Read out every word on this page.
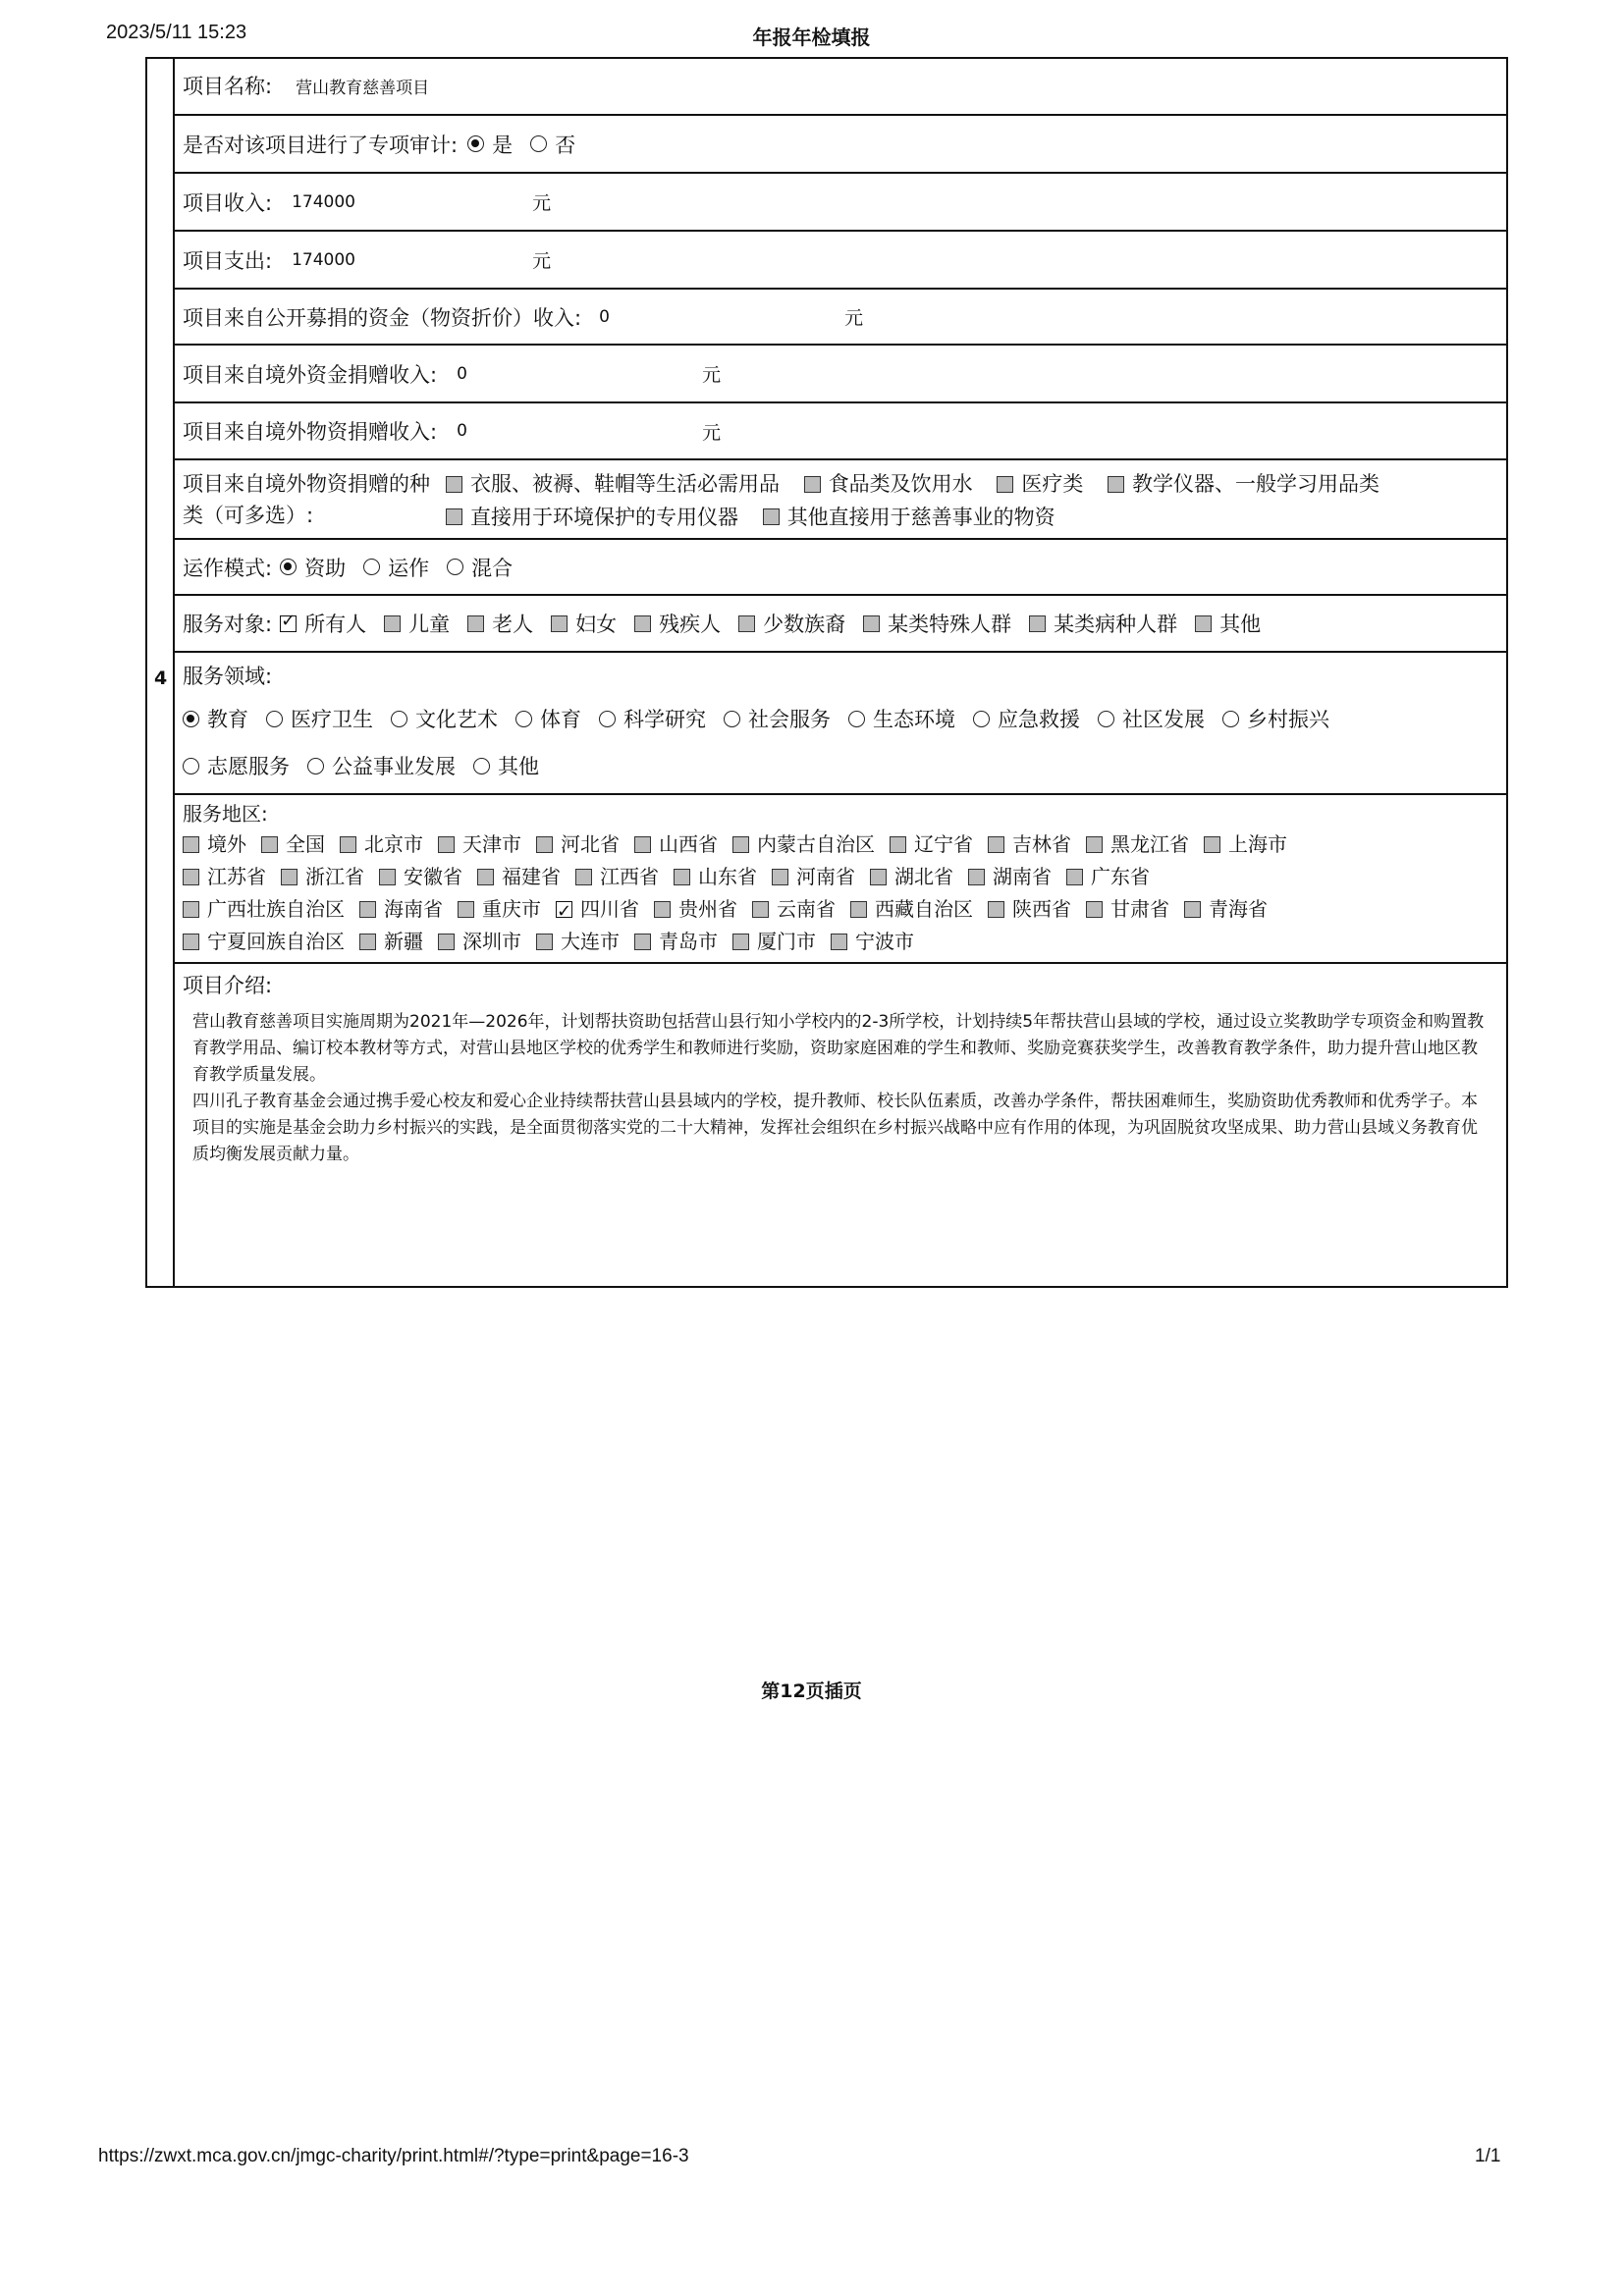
2023/5/11 15:23	年报年检填报
4
项目名称: 营山教育慈善项目
是否对该项目进行了专项审计: 是 否
项目收入: 174000	元
项目支出: 174000	元
项目来自公开募捐的资金（物资折价）收入: 0	元
项目来自境外资金捐赠收入: 0	元
项目来自境外物资捐赠收入: 0	元
项目来自境外物资捐赠的种
类（可多选）:
衣服、被褥、鞋帽等生活必需用品
食品类及饮用水
医疗类
教学仪器、一般学习用品类
直接用于环境保护的专用仪器
其他直接用于慈善事业的物资
运作模式: 资助 运作 混合
服务对象: ✓ 所有人 儿童 老人 妇女 残疾人 少数族裔 某类特殊人群 某类病种人群 其他
服务领域:
教育 医疗卫生 文化艺术 体育 科学研究 社会服务 生态环境 应急救援 社区发展 乡村振兴
志愿服务 公益事业发展 其他
服务地区:
境外 全国 北京市 天津市 河北省 山西省 内蒙古自治区 辽宁省 吉林省 黑龙江省 上海市
江苏省 浙江省 安徽省 福建省 江西省 山东省 河南省 湖北省 湖南省 广东省
广西壮族自治区 海南省 重庆市 ✓ 四川省 贵州省 云南省 西藏自治区 陕西省 甘肃省 青海省
宁夏回族自治区 新疆 深圳市 大连市 青岛市 厦门市 宁波市
项目介绍:

营山教育慈善项目实施周期为2021年—2026年，计划帮扶资助包括营山县行知小学校内的2-3所学校，计划持续5年帮扶营山县域的学校，通过设立奖教助学专项资金和购置教育教学用品、编订校本教材等方式，对营山县地区学校的优秀学生和教师进行奖励，资助家庭困难的学生和教师、奖励竞赛获奖学生，改善教育教学条件，助力提升营山地区教育教学质量发展。

四川孔子教育基金会通过携手爱心校友和爱心企业持续帮扶营山县县域内的学校，提升教师、校长队伍素质，改善办学条件，帮扶困难师生，奖励资助优秀教师和优秀学子。本项目的实施是基金会助力乡村振兴的实践，是全面贯彻落实党的二十大精神，发挥社会组织在乡村振兴战略中应有作用的体现，为巩固脱贫攻坚成果、助力营山县域义务教育优质均衡发展贡献力量。

第12页插页
https://zwxt.mca.gov.cn/jmgc-charity/print.html#/?type=print&page=16-3	1/1
